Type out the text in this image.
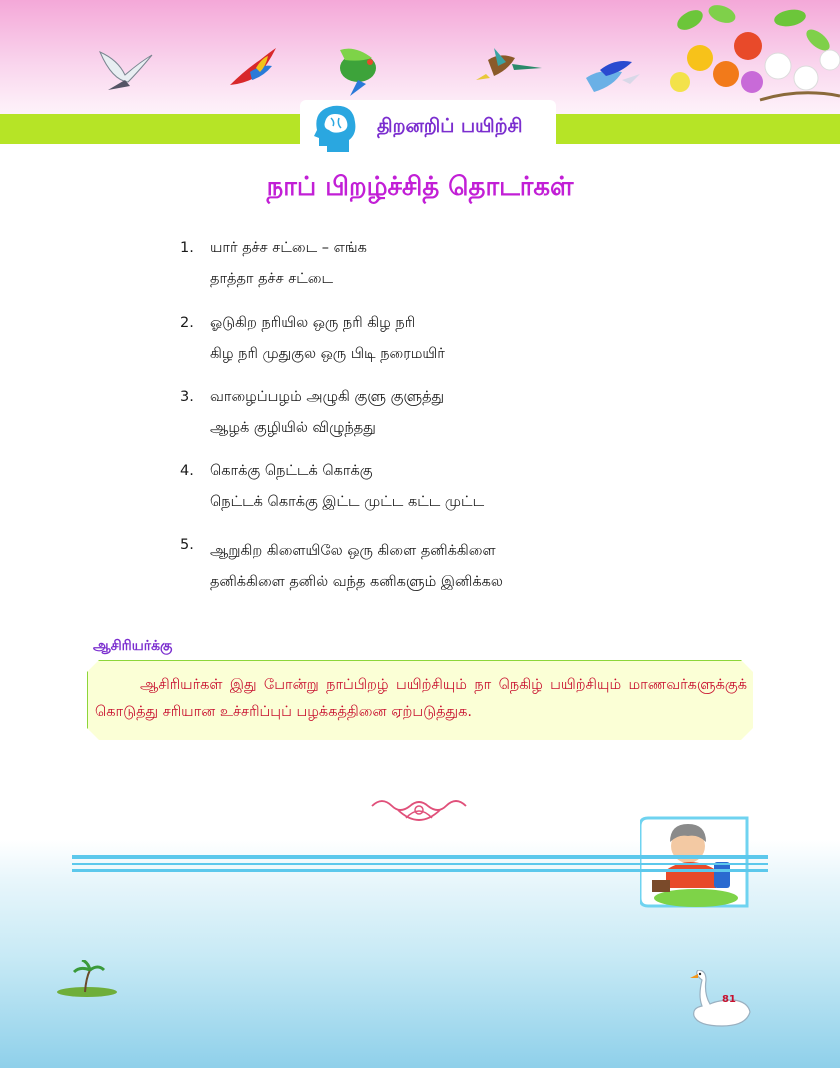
திறனறிப் பயிற்சி
நாப் பிறழ்ச்சித் தொடர்கள்
1.	யார் தச்ச சட்டை – எங்க
தாத்தா தச்ச சட்டை
2.	ஓடுகிற நரியில ஒரு நரி கிழ நரி
கிழ நரி முதுகுல ஒரு பிடி நரைமயிர்
3.	வாழைப்பழம் அழுகி குளு குளுத்து
ஆழக் குழியில் விழுந்தது
4.	கொக்கு நெட்டக் கொக்கு
நெட்டக் கொக்கு இட்ட முட்ட கட்ட முட்ட
5.	ஆறுகிற கிளையிலே ஒரு கிளை தனிக்கிளை
தனிக்கிளை தனில் வந்த கனிகளும் இனிக்கல
ஆசிரியர்க்கு
ஆசிரியர்கள் இது போன்று நாப்பிறழ் பயிற்சியும் நா நெகிழ் பயிற்சியும் மாணவர்களுக்குக் கொடுத்து சரியான உச்சரிப்புப் பழக்கத்தினை ஏற்படுத்துக.
81
